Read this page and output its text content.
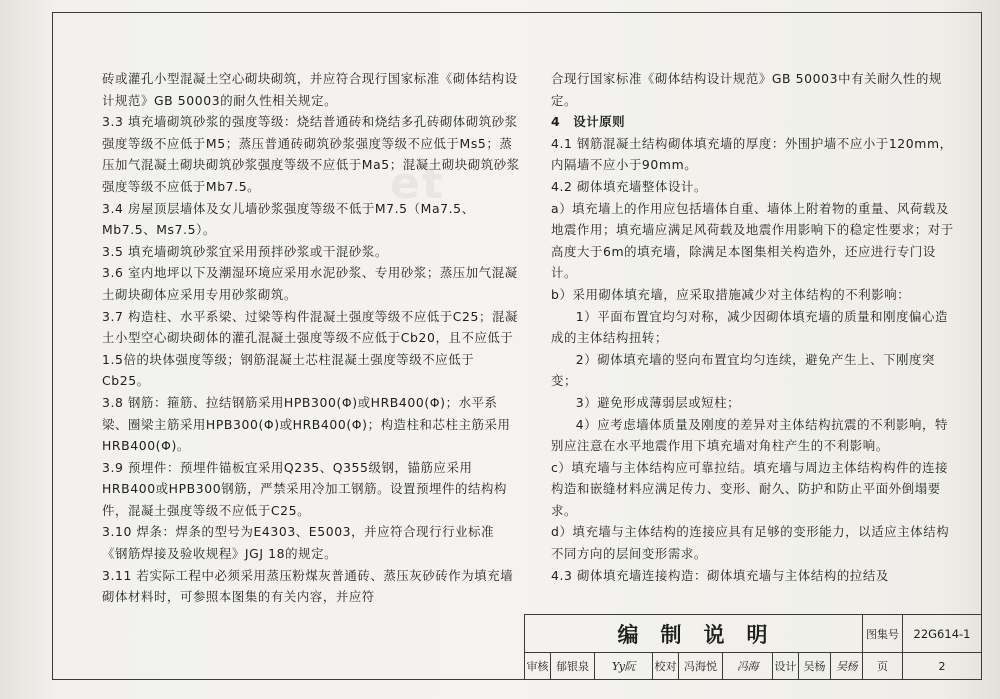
et

砖或灌孔小型混凝土空心砌块砌筑，并应符合现行国家标准《砌体结构设计规范》GB 50003的耐久性相关规定。

3.3 填充墙砌筑砂浆的强度等级：烧结普通砖和烧结多孔砖砌体砌筑砂浆强度等级不应低于M5；蒸压普通砖砌筑砂浆强度等级不应低于Ms5；蒸压加气混凝土砌块砌筑砂浆强度等级不应低于Ma5；混凝土砌块砌筑砂浆强度等级不应低于Mb7.5。

3.4 房屋顶层墙体及女儿墙砂浆强度等级不低于M7.5（Ma7.5、Mb7.5、Ms7.5）。

3.5 填充墙砌筑砂浆宜采用预拌砂浆或干混砂浆。

3.6 室内地坪以下及潮湿环境应采用水泥砂浆、专用砂浆；蒸压加气混凝土砌块砌体应采用专用砂浆砌筑。

3.7 构造柱、水平系梁、过梁等构件混凝土强度等级不应低于C25；混凝土小型空心砌块砌体的灌孔混凝土强度等级不应低于Cb20，且不应低于1.5倍的块体强度等级；钢筋混凝土芯柱混凝土强度等级不应低于Cb25。

3.8 钢筋：箍筋、拉结钢筋采用HPB300(Φ)或HRB400(Φ)；水平系梁、圈梁主筋采用HPB300(Φ)或HRB400(Φ)；构造柱和芯柱主筋采用HRB400(Φ)。

3.9 预埋件：预埋件锚板宜采用Q235、Q355级钢，锚筋应采用HRB400或HPB300钢筋，严禁采用冷加工钢筋。设置预埋件的结构构件，混凝土强度等级不应低于C25。

3.10 焊条：焊条的型号为E4303、E5003，并应符合现行行业标准《钢筋焊接及验收规程》JGJ 18的规定。

3.11 若实际工程中必须采用蒸压粉煤灰普通砖、蒸压灰砂砖作为填充墙砌体材料时，可参照本图集的有关内容，并应符

合现行国家标准《砌体结构设计规范》GB 50003中有关耐久性的规定。

4　设计原则

4.1 钢筋混凝土结构砌体填充墙的厚度：外围护墙不应小于120mm，内隔墙不应小于90mm。

4.2 砌体填充墙整体设计。

a）填充墙上的作用应包括墙体自重、墙体上附着物的重量、风荷载及地震作用；填充墙应满足风荷载及地震作用影响下的稳定性要求；对于高度大于6m的填充墙，除满足本图集相关构造外，还应进行专门设计。

b）采用砌体填充墙，应采取措施减少对主体结构的不利影响：

1）平面布置宜均匀对称，减少因砌体填充墙的质量和刚度偏心造成的主体结构扭转；

2）砌体填充墙的竖向布置宜均匀连续，避免产生上、下刚度突变；

3）避免形成薄弱层或短柱；

4）应考虑墙体质量及刚度的差异对主体结构抗震的不利影响，特别应注意在水平地震作用下填充墙对角柱产生的不利影响。

c）填充墙与主体结构应可靠拉结。填充墙与周边主体结构构件的连接构造和嵌缝材料应满足传力、变形、耐久、防护和防止平面外倒塌要求。

d）填充墙与主体结构的连接应具有足够的变形能力，以适应主体结构不同方向的层间变形需求。

4.3 砌体填充墙连接构造：砌体填充墙与主体结构的拉结及

编制说明	图集号	22G614-1
审核 郁银泉	Yy阮	校对 冯海悦	冯海	设计 吴杨 吴杨	页	2
